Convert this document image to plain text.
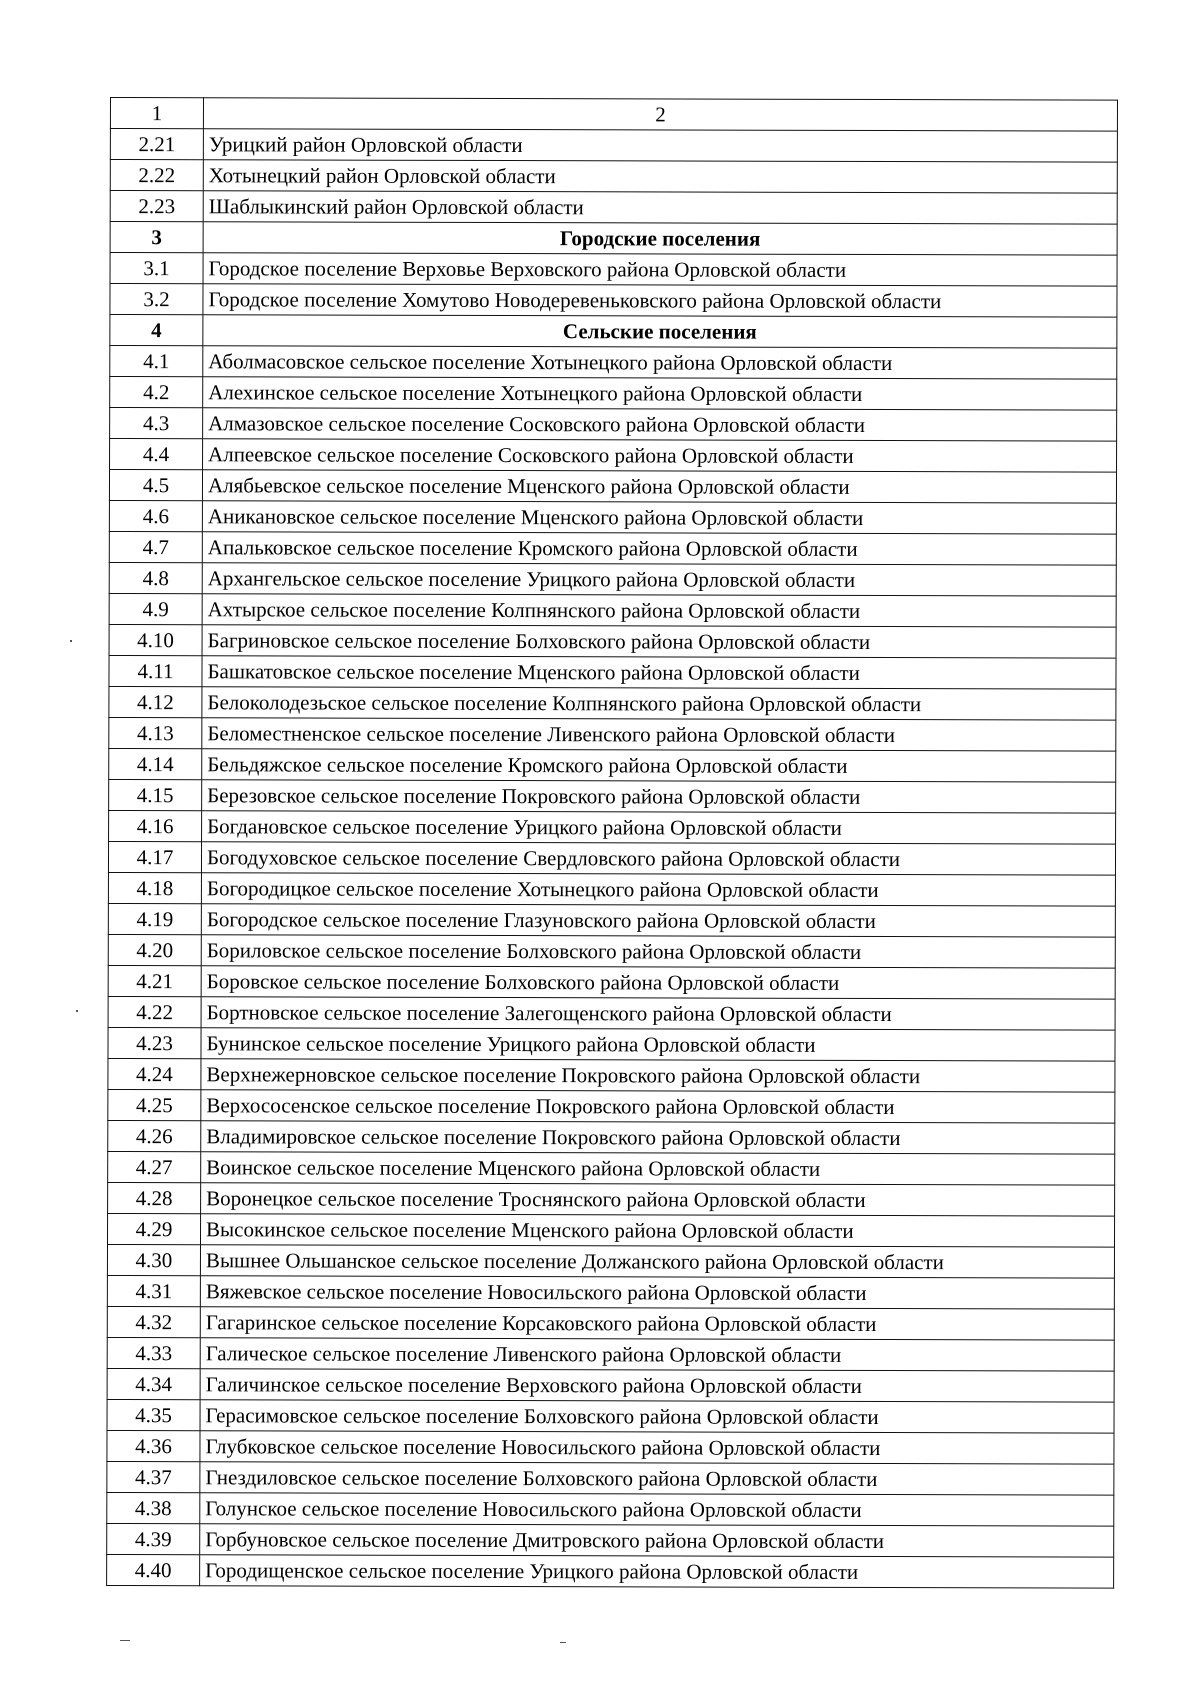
1	2
2.21	Урицкий район Орловской области
2.22	Хотынецкий район Орловской области
2.23	Шаблыкинский район Орловской области
3	Городские поселения
3.1	Городское поселение Верховье Верховского района Орловской области
3.2	Городское поселение Хомутово Новодеревеньковского района Орловской области
4	Сельские поселения
4.1	Аболмасовское сельское поселение Хотынецкого района Орловской области
4.2	Алехинское сельское поселение Хотынецкого района Орловской области
4.3	Алмазовское сельское поселение Сосковского района Орловской области
4.4	Алпеевское сельское поселение Сосковского района Орловской области
4.5	Алябьевское сельское поселение Мценского района Орловской области
4.6	Аникановское сельское поселение Мценского района Орловской области
4.7	Апальковское сельское поселение Кромского района Орловской области
4.8	Архангельское сельское поселение Урицкого района Орловской области
4.9	Ахтырское сельское поселение Колпнянского района Орловской области
4.10	Багриновское сельское поселение Болховского района Орловской области
4.11	Башкатовское сельское поселение Мценского района Орловской области
4.12	Белоколодезьское сельское поселение Колпнянского района Орловской области
4.13	Беломестненское сельское поселение Ливенского района Орловской области
4.14	Бельдяжское сельское поселение Кромского района Орловской области
4.15	Березовское сельское поселение Покровского района Орловской области
4.16	Богдановское сельское поселение Урицкого района Орловской области
4.17	Богодуховское сельское поселение Свердловского района Орловской области
4.18	Богородицкое сельское поселение Хотынецкого района Орловской области
4.19	Богородское сельское поселение Глазуновского района Орловской области
4.20	Бориловское сельское поселение Болховского района Орловской области
4.21	Боровское сельское поселение Болховского района Орловской области
4.22	Бортновское сельское поселение Залегощенского района Орловской области
4.23	Бунинское сельское поселение Урицкого района Орловской области
4.24	Верхнежерновское сельское поселение Покровского района Орловской области
4.25	Верхососенское сельское поселение Покровского района Орловской области
4.26	Владимировское сельское поселение Покровского района Орловской области
4.27	Воинское сельское поселение Мценского района Орловской области
4.28	Воронецкое сельское поселение Троснянского района Орловской области
4.29	Высокинское сельское поселение Мценского района Орловской области
4.30	Вышнее Ольшанское сельское поселение Должанского района Орловской области
4.31	Вяжевское сельское поселение Новосильского района Орловской области
4.32	Гагаринское сельское поселение Корсаковского района Орловской области
4.33	Галическое сельское поселение Ливенского района Орловской области
4.34	Галичинское сельское поселение Верховского района Орловской области
4.35	Герасимовское сельское поселение Болховского района Орловской области
4.36	Глубковское сельское поселение Новосильского района Орловской области
4.37	Гнездиловское сельское поселение Болховского района Орловской области
4.38	Голунское сельское поселение Новосильского района Орловской области
4.39	Горбуновское сельское поселение Дмитровского района Орловской области
4.40	Городищенское сельское поселение Урицкого района Орловской области
